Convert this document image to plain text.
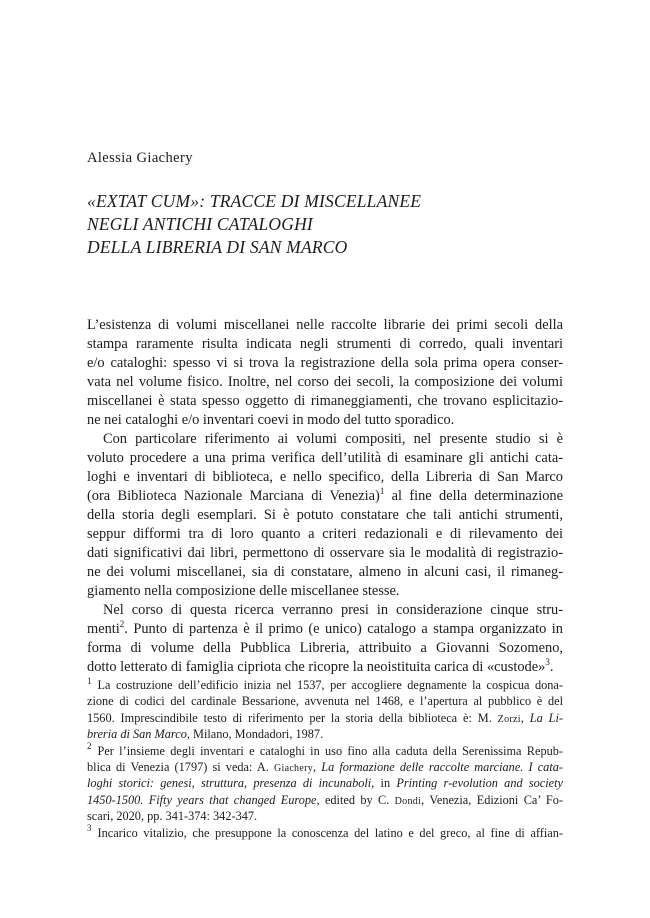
Alessia Giachery
«EXTAT CUM»: TRACCE DI MISCELLANEE
NEGLI ANTICHI CATALOGHI
DELLA LIBRERIA DI SAN MARCO
L’esistenza di volumi miscellanei nelle raccolte librarie dei primi secoli della
stampa raramente risulta indicata negli strumenti di corredo, quali inventari
e/o cataloghi: spesso vi si trova la registrazione della sola prima opera conser-
vata nel volume fisico. Inoltre, nel corso dei secoli, la composizione dei volumi
miscellanei è stata spesso oggetto di rimaneggiamenti, che trovano esplicitazio-
ne nei cataloghi e/o inventari coevi in modo del tutto sporadico.
Con particolare riferimento ai volumi compositi, nel presente studio si è
voluto procedere a una prima verifica dell’utilità di esaminare gli antichi cata-
loghi e inventari di biblioteca, e nello specifico, della Libreria di San Marco
(ora Biblioteca Nazionale Marciana di Venezia)$^1$ al fine della determinazione
della storia degli esemplari. Si è potuto constatare che tali antichi strumenti,
seppur difformi tra di loro quanto a criteri redazionali e di rilevamento dei
dati significativi dai libri, permettono di osservare sia le modalità di registrazio-
ne dei volumi miscellanei, sia di constatare, almeno in alcuni casi, il rimaneg-
giamento nella composizione delle miscellanee stesse.
Nel corso di questa ricerca verranno presi in considerazione cinque stru-
menti$^2$. Punto di partenza è il primo (e unico) catalogo a stampa organizzato in
forma di volume della Pubblica Libreria, attribuito a Giovanni Sozomeno,
dotto letterato di famiglia cipriota che ricopre la neoistituita carica di «custode»$^3$.
$^1$ La costruzione dell’edificio inizia nel 1537, per accogliere degnamente la cospicua dona-
zione di codici del cardinale Bessarione, avvenuta nel 1468, e l’apertura al pubblico è del
1560. Imprescindibile testo di riferimento per la storia della biblioteca è: M. Zorzi, La Li-
breria di San Marco, Milano, Mondadori, 1987.
$^2$ Per l’insieme degli inventari e cataloghi in uso fino alla caduta della Serenissima Repub-
blica di Venezia (1797) si veda: A. Giachery, La formazione delle raccolte marciane. I cata-
loghi storici: genesi, struttura, presenza di incunaboli, in Printing r-evolution and society
1450-1500. Fifty years that changed Europe, edited by C. Dondi, Venezia, Edizioni Ca’ Fo-
scari, 2020, pp. 341-374: 342-347.
$^3$ Incarico vitalizio, che presuppone la conoscenza del latino e del greco, al fine di affian-
